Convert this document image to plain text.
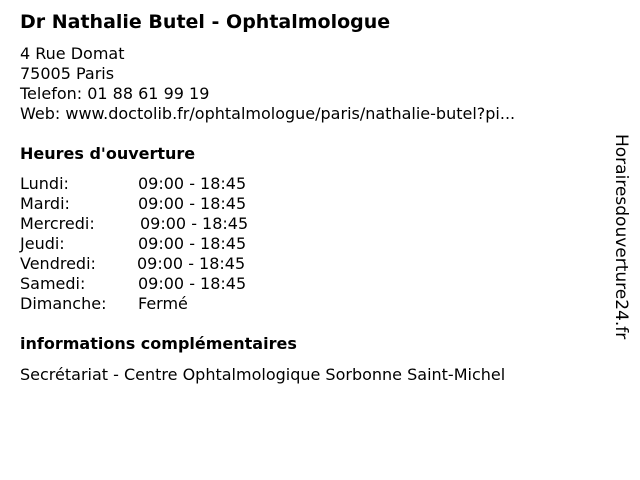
Dr Nathalie Butel - Ophtalmologue
4 Rue Domat
75005 Paris
Telefon: 01 88 61 99 19
Web: www.doctolib.fr/ophtalmologue/paris/nathalie-butel?pi...
Heures d'ouverture
Lundi:	09:00 - 18:45
Mardi:	09:00 - 18:45
Mercredi:	09:00 - 18:45
Jeudi:	09:00 - 18:45
Vendredi:	09:00 - 18:45
Samedi:	09:00 - 18:45
Dimanche: Fermé
informations complémentaires
Secrétariat - Centre Ophtalmologique Sorbonne Saint-Michel
Horairesdouverture24.fr
